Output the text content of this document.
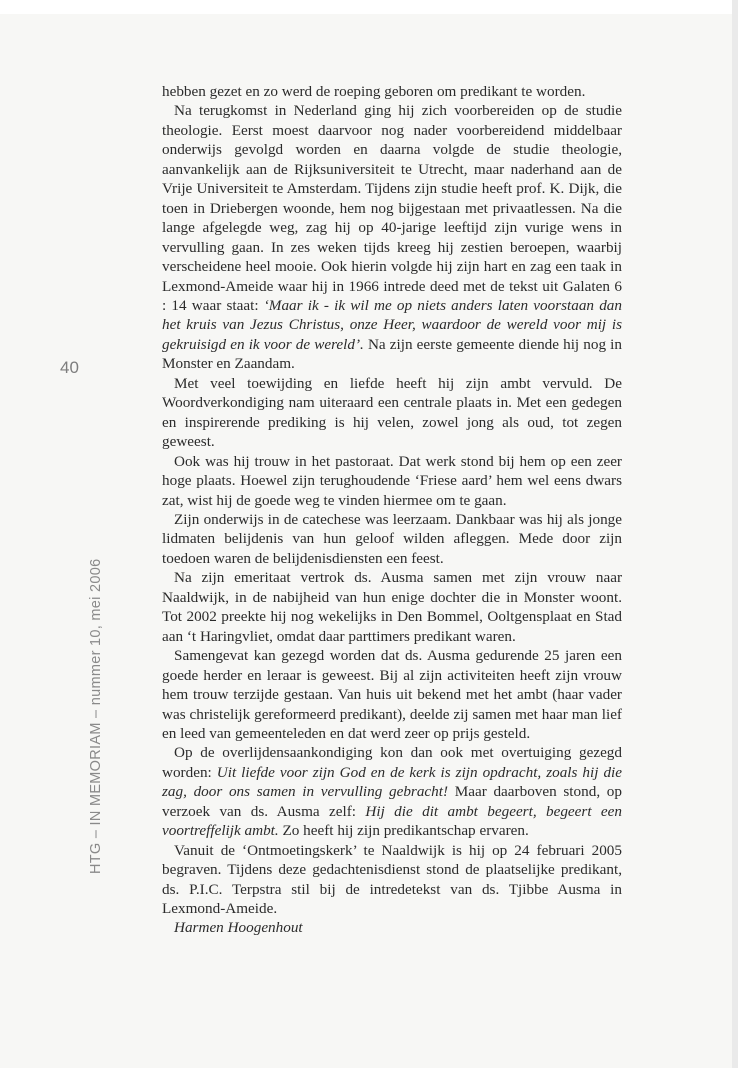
40
HTG – IN MEMORIAM – nummer 10, mei 2006

hebben gezet en zo werd de roeping geboren om predikant te worden.

Na terugkomst in Nederland ging hij zich voorbereiden op de studie theologie. Eerst moest daarvoor nog nader voorbereidend middelbaar onderwijs gevolgd worden en daarna volgde de studie theologie, aanvankelijk aan de Rijksuniversiteit te Utrecht, maar naderhand aan de Vrije Universiteit te Amsterdam. Tijdens zijn studie heeft prof. K. Dijk, die toen in Driebergen woonde, hem nog bijgestaan met privaatlessen. Na die lange afgelegde weg, zag hij op 40-jarige leeftijd zijn vurige wens in vervulling gaan. In zes weken tijds kreeg hij zestien beroepen, waarbij verscheidene heel mooie. Ook hierin volgde hij zijn hart en zag een taak in Lexmond-Ameide waar hij in 1966 intrede deed met de tekst uit Galaten 6 : 14 waar staat: ‘Maar ik - ik wil me op niets anders laten voorstaan dan het kruis van Jezus Christus, onze Heer, waardoor de wereld voor mij is gekruisigd en ik voor de wereld’. Na zijn eerste gemeente diende hij nog in Monster en Zaandam.

Met veel toewijding en liefde heeft hij zijn ambt vervuld. De Woordverkondiging nam uiteraard een centrale plaats in. Met een gedegen en inspirerende prediking is hij velen, zowel jong als oud, tot zegen geweest.

Ook was hij trouw in het pastoraat. Dat werk stond bij hem op een zeer hoge plaats. Hoewel zijn terughoudende ‘Friese aard’ hem wel eens dwars zat, wist hij de goede weg te vinden hiermee om te gaan.

Zijn onderwijs in de catechese was leerzaam. Dankbaar was hij als jonge lidmaten belijdenis van hun geloof wilden afleggen. Mede door zijn toedoen waren de belijdenisdiensten een feest.

Na zijn emeritaat vertrok ds. Ausma samen met zijn vrouw naar Naaldwijk, in de nabijheid van hun enige dochter die in Monster woont. Tot 2002 preekte hij nog wekelijks in Den Bommel, Ooltgensplaat en Stad aan ‘t Haringvliet, omdat daar parttimers predikant waren.

Samengevat kan gezegd worden dat ds. Ausma gedurende 25 jaren een goede herder en leraar is geweest. Bij al zijn activiteiten heeft zijn vrouw hem trouw terzijde gestaan. Van huis uit bekend met het ambt (haar vader was christelijk gereformeerd predikant), deelde zij samen met haar man lief en leed van gemeenteleden en dat werd zeer op prijs gesteld.

Op de overlijdensaankondiging kon dan ook met overtuiging gezegd worden: Uit liefde voor zijn God en de kerk is zijn opdracht, zoals hij die zag, door ons samen in vervulling gebracht! Maar daarboven stond, op verzoek van ds. Ausma zelf: Hij die dit ambt begeert, begeert een voortreffelijk ambt. Zo heeft hij zijn predikantschap ervaren.

Vanuit de ‘Ontmoetingskerk’ te Naaldwijk is hij op 24 februari 2005 begraven. Tijdens deze gedachtenisdienst stond de plaatselijke predikant, ds. P.I.C. Terpstra stil bij de intredetekst van ds. Tjibbe Ausma in Lexmond-Ameide.

Harmen Hoogenhout
